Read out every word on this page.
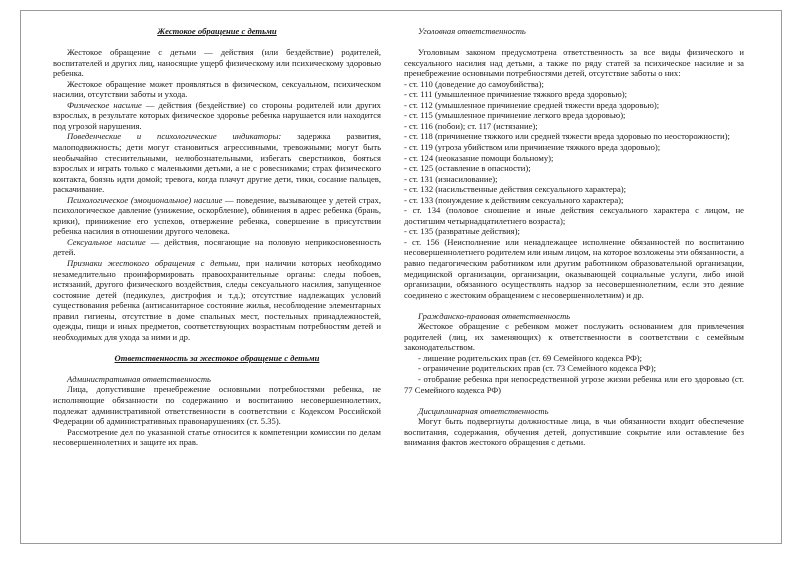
Жестокое обращение с детьми

Жестокое обращение с детьми — действия (или бездействие) родителей, воспитателей и других лиц, наносящие ущерб физическому или психическому здоровью ребенка.

Жестокое обращение может проявляться в физическом, сексуальном, психическом насилии, отсутствии заботы и ухода.

Физическое насилие — действия (бездействие) со стороны родителей или других взрослых, в результате которых физическое здоровье ребенка нарушается или находится под угрозой нарушения.

Поведенческие и психологические индикаторы: задержка развития, малоподвижность; дети могут становиться агрессивными, тревожными; могут быть необычайно стеснительными, нелюбознательными, избегать сверстников, бояться взрослых и играть только с маленькими детьми, а не с ровесниками; страх физического контакта, боязнь идти домой; тревога, когда плачут другие дети, тики, сосание пальцев, раскачивание.

Психологическое (эмоциональное) насилие — поведение, вызывающее у детей страх, психологическое давление (унижение, оскорбление), обвинения в адрес ребенка (брань, крики), принижение его успехов, отвержение ребенка, совершение в присутствии ребенка насилия в отношении другого человека.

Сексуальное насилие — действия, посягающие на половую неприкосновенность детей.

Признаки жестокого обращения с детьми, при наличии которых необходимо незамедлительно проинформировать правоохранительные органы: следы побоев, истязаний, другого физического воздействия, следы сексуального насилия, запущенное состояние детей (педикулез, дистрофия и т.д.); отсутствие надлежащих условий существования ребенка (антисанитарное состояние жилья, несоблюдение элементарных правил гигиены, отсутствие в доме спальных мест, постельных принадлежностей, одежды, пищи и иных предметов, соответствующих возрастным потребностям детей и необходимых для ухода за ними и др.

Ответственность за жестокое обращение с детьми

Административная ответственность

Лица, допустившие пренебрежение основными потребностями ребенка, не исполняющие обязанности по содержанию и воспитанию несовершеннолетних, подлежат административной ответственности в соответствии с Кодексом Российской Федерации об административных правонарушениях (ст. 5.35).

Рассмотрение дел по указанной статье относится к компетенции комиссии по делам несовершеннолетних и защите их прав.

Уголовная ответственность

Уголовным законом предусмотрена ответственность за все виды физического и сексуального насилия над детьми, а также по ряду статей за психическое насилие и за пренебрежение основными потребностями детей, отсутствие заботы о них:

- ст. 110 (доведение до самоубийства);

- ст. 111 (умышленное причинение тяжкого вреда здоровью);

- ст. 112 (умышленное причинение средней тяжести вреда здоровью);

- ст. 115 (умышленное причинение легкого вреда здоровью);

- ст. 116 (побои); ст. 117 (истязание);

- ст. 118 (причинение тяжкого или средней тяжести вреда здоровью по неосторожности);

- ст. 119 (угроза убийством или причинение тяжкого вреда здоровью);

- ст. 124 (неоказание помощи больному);

- ст. 125 (оставление в опасности);

- ст. 131 (изнасилование);

- ст. 132 (насильственные действия сексуального характера);

- ст. 133 (понуждение к действиям сексуального характера);

- ст. 134 (половое сношение и иные действия сексуального характера с лицом, не достигшим четырнадцатилетнего возраста);

- ст. 135 (развратные действия);

- ст. 156 (Неисполнение или ненадлежащее исполнение обязанностей по воспитанию несовершеннолетнего родителем или иным лицом, на которое возложены эти обязанности, а равно педагогическим работником или другим работником образовательной организации, медицинской организации, организации, оказывающей социальные услуги, либо иной организации, обязанного осуществлять надзор за несовершеннолетним, если это деяние соединено с жестоким обращением с несовершеннолетним) и др.

Гражданско-правовая ответственность

Жестокое обращение с ребенком может послужить основанием для привлечения родителей (лиц, их заменяющих) к ответственности в соответствии с семейным законодательством.

- лишение родительских прав (ст. 69 Семейного кодекса РФ);

- ограничение родительских прав (ст. 73 Семейного кодекса РФ);

- отобрание ребенка при непосредственной угрозе жизни ребенка или его здоровью (ст. 77 Семейного кодекса РФ)

Дисциплинарная ответственность

Могут быть подвергнуты должностные лица, в чьи обязанности входит обеспечение воспитания, содержания, обучения детей, допустившие сокрытие или оставление без внимания фактов жестокого обращения с детьми.
